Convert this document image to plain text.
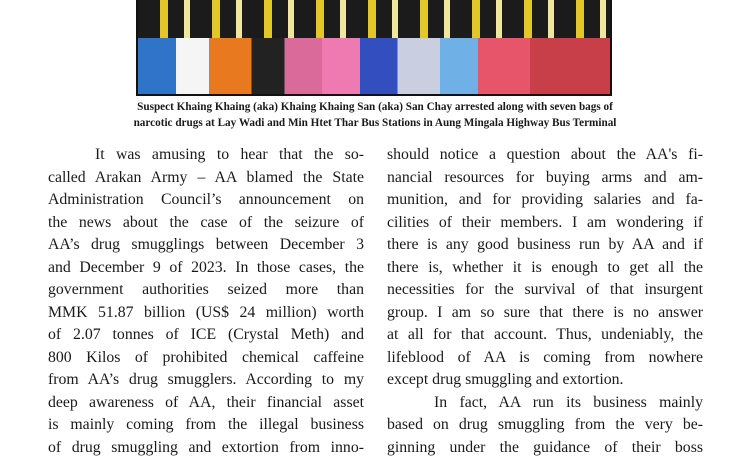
Suspect Khaing Khaing (aka) Khaing Khaing San (aka) San Chay arrested along with seven bags of
narcotic drugs at Lay Wadi and Min Htet Thar Bus Stations in Aung Mingala Highway Bus Terminal

It was amusing to hear that the so-
called Arakan Army – AA blamed the State
Administration Council’s announcement on
the news about the case of the seizure of
AA’s drug smugglings between December 3
and December 9 of 2023. In those cases, the
government authorities seized more than
MMK 51.87 billion (US$ 24 million) worth
of 2.07 tonnes of ICE (Crystal Meth) and
800 Kilos of prohibited chemical caffeine
from AA’s drug smugglers. According to my
deep awareness of AA, their financial asset
is mainly coming from the illegal business
of drug smuggling and extortion from inno-
should notice a question about the AA's fi-
nancial resources for buying arms and am-
munition, and for providing salaries and fa-
cilities of their members. I am wondering if
there is any good business run by AA and if
there is, whether it is enough to get all the
necessities for the survival of that insurgent
group. I am so sure that there is no answer
at all for that account. Thus, undeniably, the
lifeblood of AA is coming from nowhere
except drug smuggling and extortion.
In fact, AA run its business mainly
based on drug smuggling from the very be-
ginning under the guidance of their boss
